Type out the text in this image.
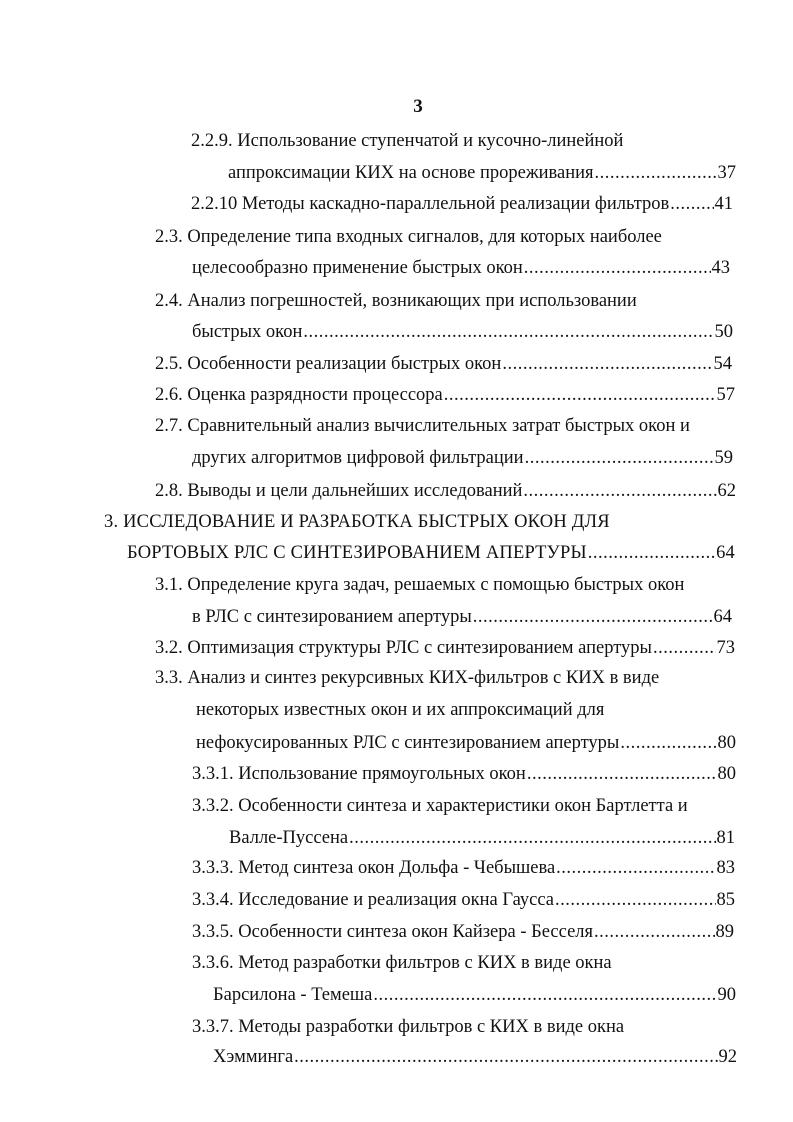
3
2.2.9. Использование ступенчатой и кусочно-линейной
аппроксимации КИХ на основе прореживания .....	37
2.2.10 Методы каскадно-параллельной реализации фильтров ..... 41
2.3. Определение типа входных сигналов, для которых наиболее
целесообразно применение быстрых окон .....	43
2.4. Анализ погрешностей, возникающих при использовании
быстрых окон .....	50
2.5. Особенности реализации быстрых окон .....	54
2.6. Оценка разрядности процессора .....	57
2.7. Сравнительный анализ вычислительных затрат быстрых окон и
других алгоритмов цифровой фильтрации .....	59
2.8. Выводы и цели дальнейших исследований .....	62
3. ИССЛЕДОВАНИЕ И РАЗРАБОТКА БЫСТРЫХ ОКОН ДЛЯ
БОРТОВЫХ РЛС С СИНТЕЗИРОВАНИЕМ АПЕРТУРЫ .....	64
3.1. Определение круга задач, решаемых с помощью быстрых окон
в РЛС с синтезированием апертуры .....	64
3.2. Оптимизация структуры РЛС с синтезированием апертуры .....	73
3.3. Анализ и синтез рекурсивных КИХ-фильтров с КИХ в виде
некоторых известных окон и их аппроксимаций для
нефокусированных РЛС с синтезированием апертуры .....	80
3.3.1. Использование прямоугольных окон .....	80
3.3.2. Особенности синтеза и характеристики окон Бартлетта и
Валле-Пуссена .....	81
3.3.3. Метод синтеза окон Дольфа - Чебышева .....	83
3.3.4. Исследование и реализация окна Гаусса .....	85
3.3.5. Особенности синтеза окон Кайзера - Бесселя .....	89
3.3.6. Метод разработки фильтров с КИХ в виде окна
Барсилона - Темеша .....	90
3.3.7. Методы разработки фильтров с КИХ в виде окна
Хэмминга .....	92
